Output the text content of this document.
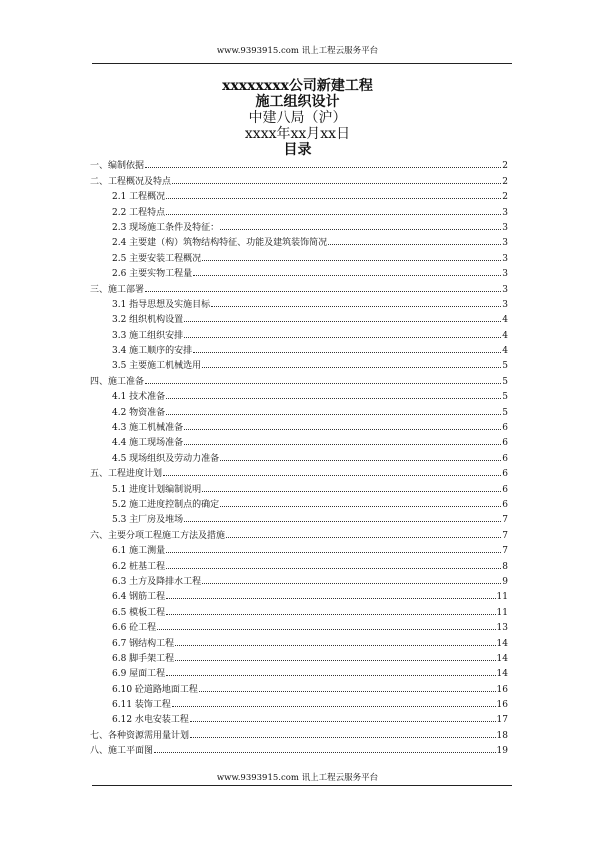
www.9393915.com 讯上工程云服务平台
xxxxxxxx公司新建工程
施工组织设计
中建八局（沪）
xxxx年xx月xx日
目录
一、编制依据	2
二、工程概况及特点	2
2.1 工程概况	2
2.2 工程特点	3
2.3 现场施工条件及特征：	3
2.4 主要建（构）筑物结构特征、功能及建筑装饰简况	3
2.5 主要安装工程概况	3
2.6 主要实物工程量	3
三、施工部署	3
3.1 指导思想及实施目标	3
3.2 组织机构设置	4
3.3 施工组织安排	4
3.4 施工顺序的安排	4
3.5 主要施工机械选用	5
四、施工准备	5
4.1 技术准备	5
4.2 物资准备	5
4.3 施工机械准备	6
4.4 施工现场准备	6
4.5 现场组织及劳动力准备	6
五、工程进度计划	6
5.1 进度计划编制说明	6
5.2 施工进度控制点的确定	6
5.3 主厂房及堆场	7
六、主要分项工程施工方法及措施	7
6.1 施工测量	7
6.2 桩基工程	8
6.3 土方及降排水工程	9
6.4 钢筋工程	11
6.5 模板工程	11
6.6 砼工程	13
6.7 钢结构工程	14
6.8 脚手架工程	14
6.9 屋面工程	14
6.10 砼道路地面工程	16
6.11 装饰工程	16
6.12 水电安装工程	17
七、各种资源需用量计划	18
八、施工平面图	19
www.9393915.com 讯上工程云服务平台
